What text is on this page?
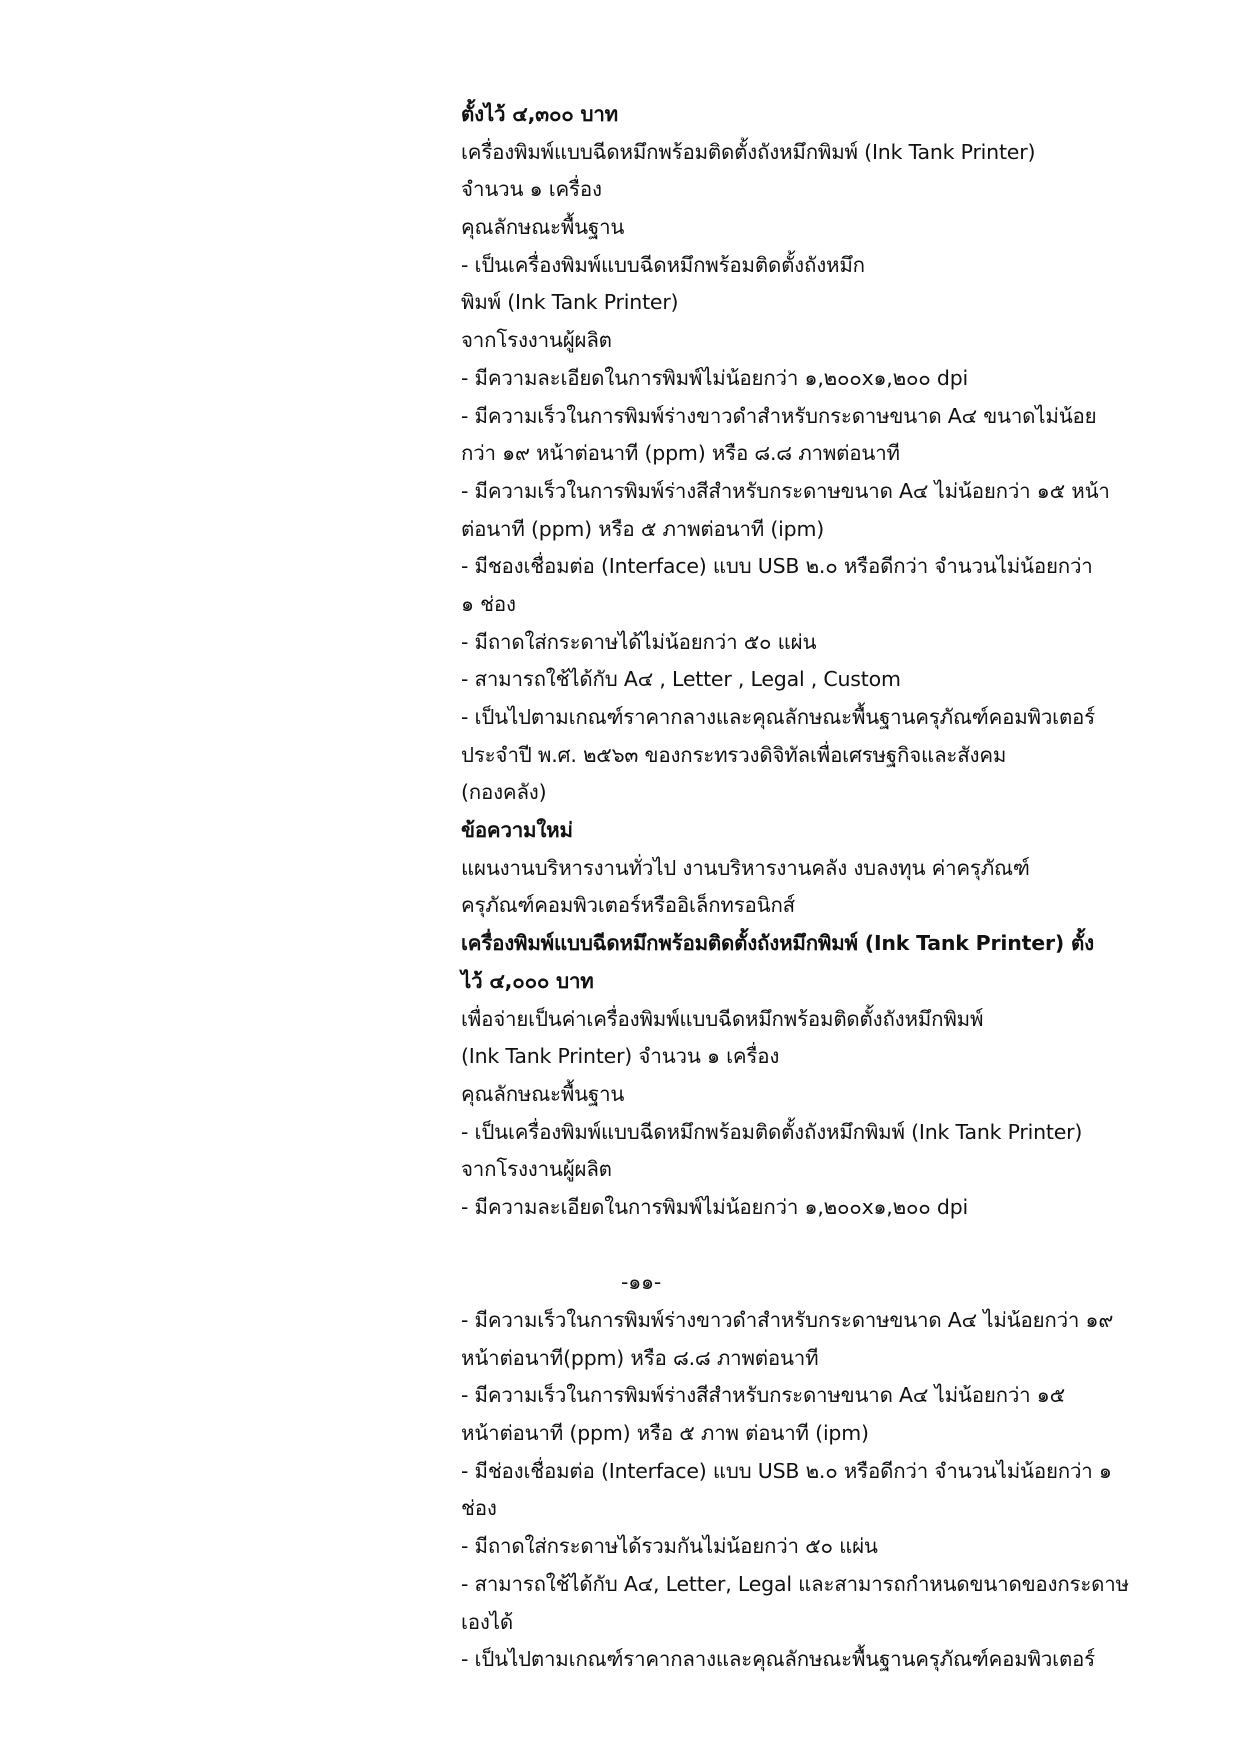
ตั้งไว้ ๔,๓๐๐ บาท
เครื่องพิมพ์แบบฉีดหมึกพร้อมติดตั้งถังหมึกพิมพ์ (Ink Tank Printer)
จำนวน ๑ เครื่อง
คุณลักษณะพื้นฐาน
- เป็นเครื่องพิมพ์แบบฉีดหมึกพร้อมติดตั้งถังหมึก
พิมพ์ (Ink Tank Printer)
จากโรงงานผู้ผลิต
- มีความละเอียดในการพิมพ์ไม่น้อยกว่า ๑,๒๐๐x๑,๒๐๐ dpi
- มีความเร็วในการพิมพ์ร่างขาวดำสำหรับกระดาษขนาด A๔ ขนาดไม่น้อย
กว่า ๑๙ หน้าต่อนาที (ppm) หรือ ๘.๘ ภาพต่อนาที
- มีความเร็วในการพิมพ์ร่างสีสำหรับกระดาษขนาด A๔ ไม่น้อยกว่า ๑๕ หน้า
ต่อนาที (ppm) หรือ ๕ ภาพต่อนาที (ipm)
- มีชองเชื่อมต่อ (Interface) แบบ USB ๒.๐ หรือดีกว่า จำนวนไม่น้อยกว่า
๑ ช่อง
- มีถาดใส่กระดาษได้ไม่น้อยกว่า ๕๐ แผ่น
- สามารถใช้ได้กับ A๔ , Letter , Legal , Custom
- เป็นไปตามเกณฑ์ราคากลางและคุณลักษณะพื้นฐานครุภัณฑ์คอมพิวเตอร์
ประจำปี พ.ศ. ๒๕๖๓ ของกระทรวงดิจิทัลเพื่อเศรษฐกิจและสังคม
(กองคลัง)
ข้อความใหม่
แผนงานบริหารงานทั่วไป งานบริหารงานคลัง งบลงทุน ค่าครุภัณฑ์
ครุภัณฑ์คอมพิวเตอร์หรืออิเล็กทรอนิกส์
เครื่องพิมพ์แบบฉีดหมึกพร้อมติดตั้งถังหมึกพิมพ์ (Ink Tank Printer) ตั้ง
ไว้ ๔,๐๐๐ บาท
เพื่อจ่ายเป็นค่าเครื่องพิมพ์แบบฉีดหมึกพร้อมติดตั้งถังหมึกพิมพ์
(Ink Tank Printer) จำนวน ๑ เครื่อง
คุณลักษณะพื้นฐาน
- เป็นเครื่องพิมพ์แบบฉีดหมึกพร้อมติดตั้งถังหมึกพิมพ์ (Ink Tank Printer)
จากโรงงานผู้ผลิต
- มีความละเอียดในการพิมพ์ไม่น้อยกว่า ๑,๒๐๐x๑,๒๐๐ dpi
-๑๑-
- มีความเร็วในการพิมพ์ร่างขาวดำสำหรับกระดาษขนาด A๔ ไม่น้อยกว่า ๑๙
หน้าต่อนาที(ppm) หรือ ๘.๘ ภาพต่อนาที
- มีความเร็วในการพิมพ์ร่างสีสำหรับกระดาษขนาด A๔ ไม่น้อยกว่า ๑๕
หน้าต่อนาที (ppm) หรือ ๕ ภาพ ต่อนาที (ipm)
- มีช่องเชื่อมต่อ (Interface) แบบ USB ๒.๐ หรือดีกว่า จำนวนไม่น้อยกว่า ๑
ช่อง
- มีถาดใส่กระดาษได้รวมกันไม่น้อยกว่า ๕๐ แผ่น
- สามารถใช้ได้กับ A๔, Letter, Legal และสามารถกำหนดขนาดของกระดาษ
เองได้
- เป็นไปตามเกณฑ์ราคากลางและคุณลักษณะพื้นฐานครุภัณฑ์คอมพิวเตอร์
